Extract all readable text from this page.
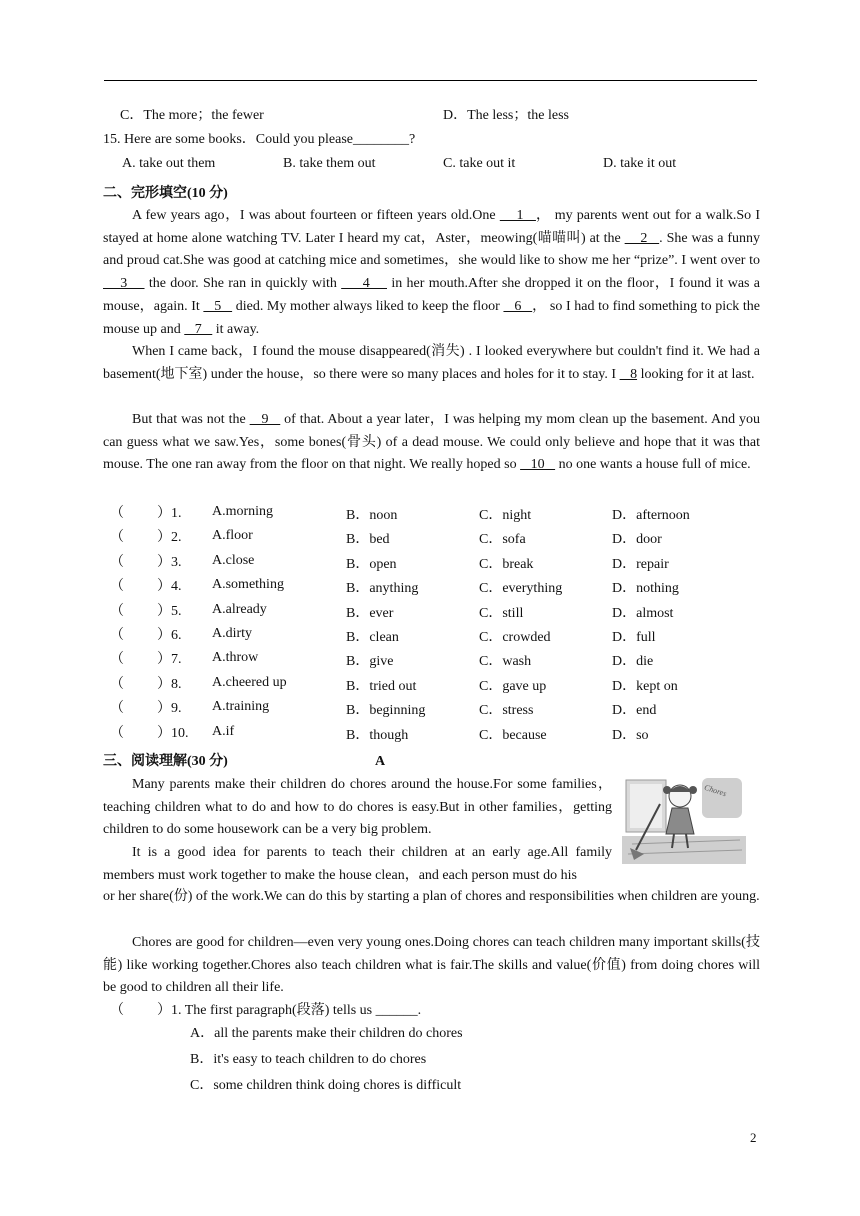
C．The more；the fewer	D．The less；the less
15. Here are some books．Could you please________?
A. take out them	B. take them out	C. take out it	D. take it out
二、完形填空(10 分)
A few years ago，I was about fourteen or fifteen years old.One     1   ， my parents went out for a walk.So I stayed at home alone watching TV. Later I heard my cat，Aster，meowing(喵喵叫) at the     2   . She was a funny and proud cat.She was good at catching mice and sometimes，she would like to show me her “prize”. I went over to     3     the door. She ran in quickly with      4     in her mouth.After she dropped it on the floor，I found it was a mouse，again. It    5    died. My mother always liked to keep the floor    6   ， so I had to find something to pick the mouse up and    7    it away.
When I came back，I found the mouse disappeared(消失) . I looked everywhere but couldn't find it. We had a basement(地下室) under the house，so there were so many places and holes for it to stay. I    8 looking for it at last.
But that was not the    9    of that. About a year later，I was helping my mom clean up the basement. And you can guess what we saw.Yes，some bones(骨头) of a dead mouse. We could only believe and hope that it was that mouse. The one ran away from the floor on that night. We really hoped so    10    no one wants a house full of mice.
（ ）1. A.morning	B．noon	C．night	D．afternoon
（ ）2. A.floor	B．bed	C．sofa	D．door
（ ）3. A.close	B．open	C．break	D．repair
（ ）4. A.something	B．anything	C．everything	D．nothing
（ ）5. A.already	B．ever	C．still	D．almost
（ ）6. A.dirty	B．clean	C．crowded	D．full
（ ）7. A.throw	B．give	C．wash	D．die
（ ）8. A.cheered up	B．tried out	C．gave up	D．kept on
（ ）9. A.training	B．beginning	C．stress	D．end
（ ）10. A.if	B．though	C．because	D．so
三、阅读理解(30 分)	A
Many parents make their children do chores around the house.For some families，teaching children what to do and how to do chores is easy.But in other families，getting children to do some housework can be a very big problem.
It is a good idea for parents to teach their children at an early age.All family members must work together to make the house clean，and each person must do his
or her share(份) of the work.We can do this by starting a plan of chores and responsibilities when children are young.
Chores are good for children—even very young ones.Doing chores can teach children many important skills(技能) like working together.Chores also teach children what is fair.The skills and value(价值) from doing chores will be good to children all their life.
Chores
（ ）1. The first paragraph(段落) tells us ______.
A．all the parents make their children do chores
B．it's easy to teach children to do chores
C．some children think doing chores is difficult
2
